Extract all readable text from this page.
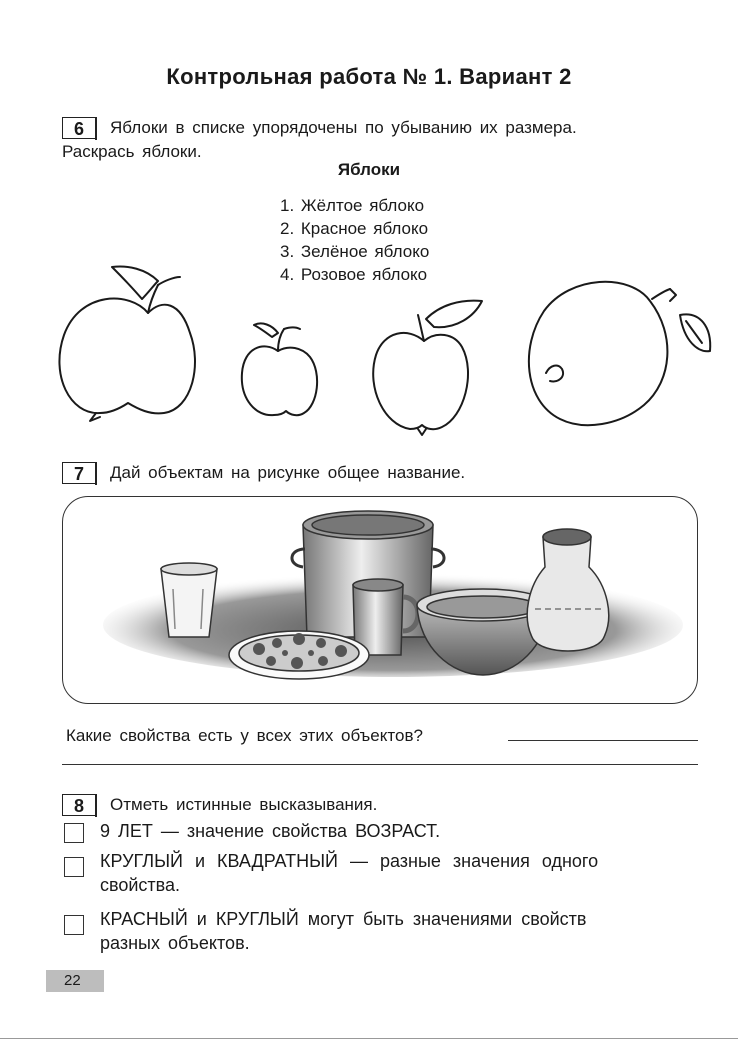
Контрольная работа № 1. Вариант 2
6	Яблоки в списке упорядочены по убыванию их размера.
Раскрась яблоки.
Яблоки
1. Жёлтое яблоко
2. Красное яблоко
3. Зелёное яблоко
4. Розовое яблоко
7	Дай объектам на рисунке общее название.
Какие свойства есть у всех этих объектов?
8	Отметь истинные высказывания.
9 ЛЕТ — значение свойства ВОЗРАСТ.
КРУГЛЫЙ и КВАДРАТНЫЙ — разные значения одного
свойства.
КРАСНЫЙ и КРУГЛЫЙ могут быть значениями свойств
разных объектов.
22
